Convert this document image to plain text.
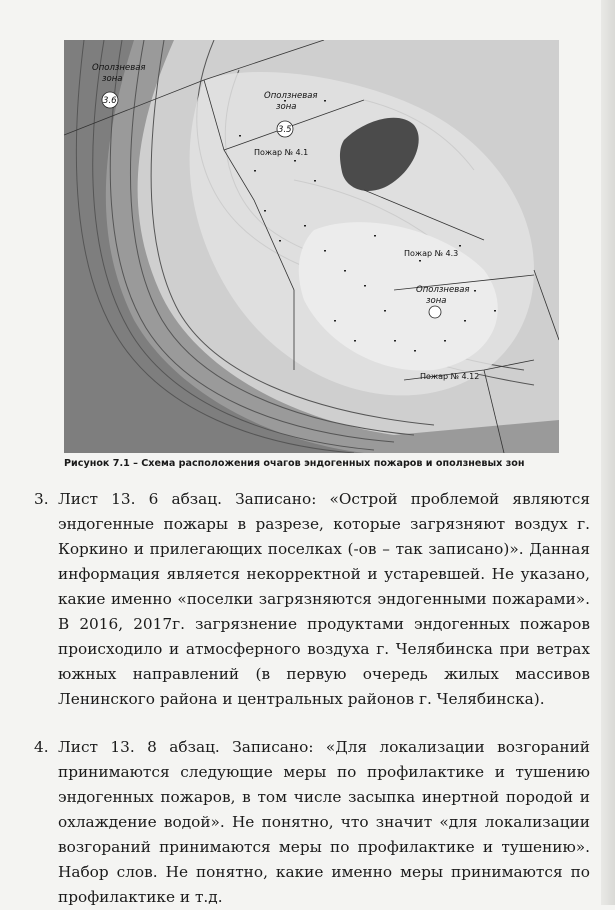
Оползневая
зона
3.6	Оползневая
зона
3.5
Оползневая
зона
Пожар № 4.1
Пожар № 4.3
Пожар № 4.12
Рисунок 7.1 – Схема расположения очагов эндогенных пожаров и оползневых зон
3. Лист 13. 6 абзац. Записано: «Острой проблемой являются эндогенные пожары в разрезе, которые загрязняют воздух г. Коркино и прилегающих поселках (-ов – так записано)». Данная информация является некорректной и устаревшей. Не указано, какие именно «поселки загрязняются эндогенными пожарами». В 2016, 2017г. загрязнение продуктами эндогенных пожаров происходило и атмосферного воздуха г. Челябинска при ветрах южных направлений (в первую очередь жилых массивов Ленинского района и центральных районов г. Челябинска).
4. Лист 13. 8 абзац. Записано: «Для локализации возгораний принимаются следующие меры по профилактике и тушению эндогенных пожаров, в том числе засыпка инертной породой и охлаждение водой». Не понятно, что значит «для локализации возгораний принимаются меры по профилактике и тушению». Набор слов. Не понятно, какие именно меры принимаются по профилактике и т.д.
